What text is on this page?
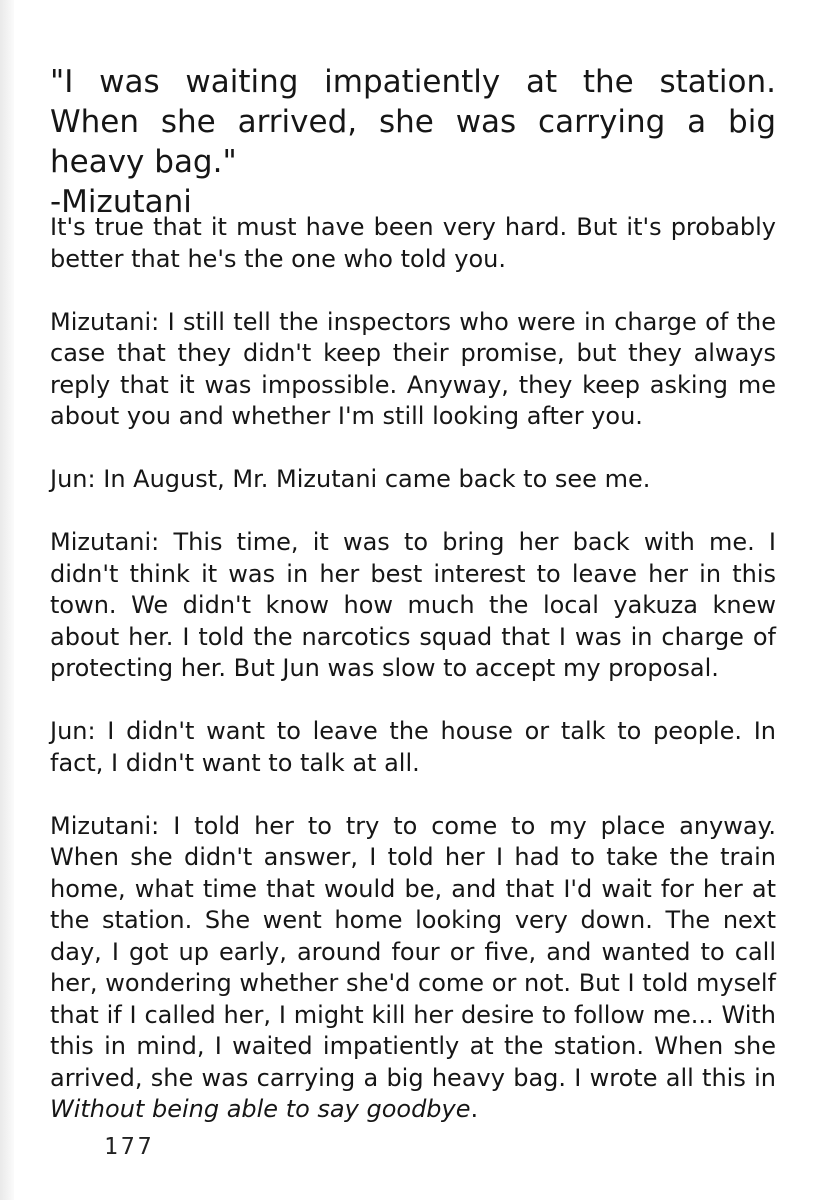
"I was waiting impatiently at the station. When she arrived, she was carrying a big heavy bag."
-Mizutani

It's true that it must have been very hard. But it's probably better that he's the one who told you.

Mizutani: I still tell the inspectors who were in charge of the case that they didn't keep their promise, but they always reply that it was impossible. Anyway, they keep asking me about you and whether I'm still looking after you.

Jun: In August, Mr. Mizutani came back to see me.

Mizutani: This time, it was to bring her back with me. I didn't think it was in her best interest to leave her in this town. We didn't know how much the local yakuza knew about her. I told the narcotics squad that I was in charge of protecting her. But Jun was slow to accept my proposal.

Jun: I didn't want to leave the house or talk to people. In fact, I didn't want to talk at all.

Mizutani: I told her to try to come to my place anyway. When she didn't answer, I told her I had to take the train home, what time that would be, and that I'd wait for her at the station. She went home looking very down. The next day, I got up early, around four or five, and wanted to call her, wondering whether she'd come or not. But I told myself that if I called her, I might kill her desire to follow me... With this in mind, I waited impatiently at the station. When she arrived, she was carrying a big heavy bag. I wrote all this in Without being able to say goodbye.

177
